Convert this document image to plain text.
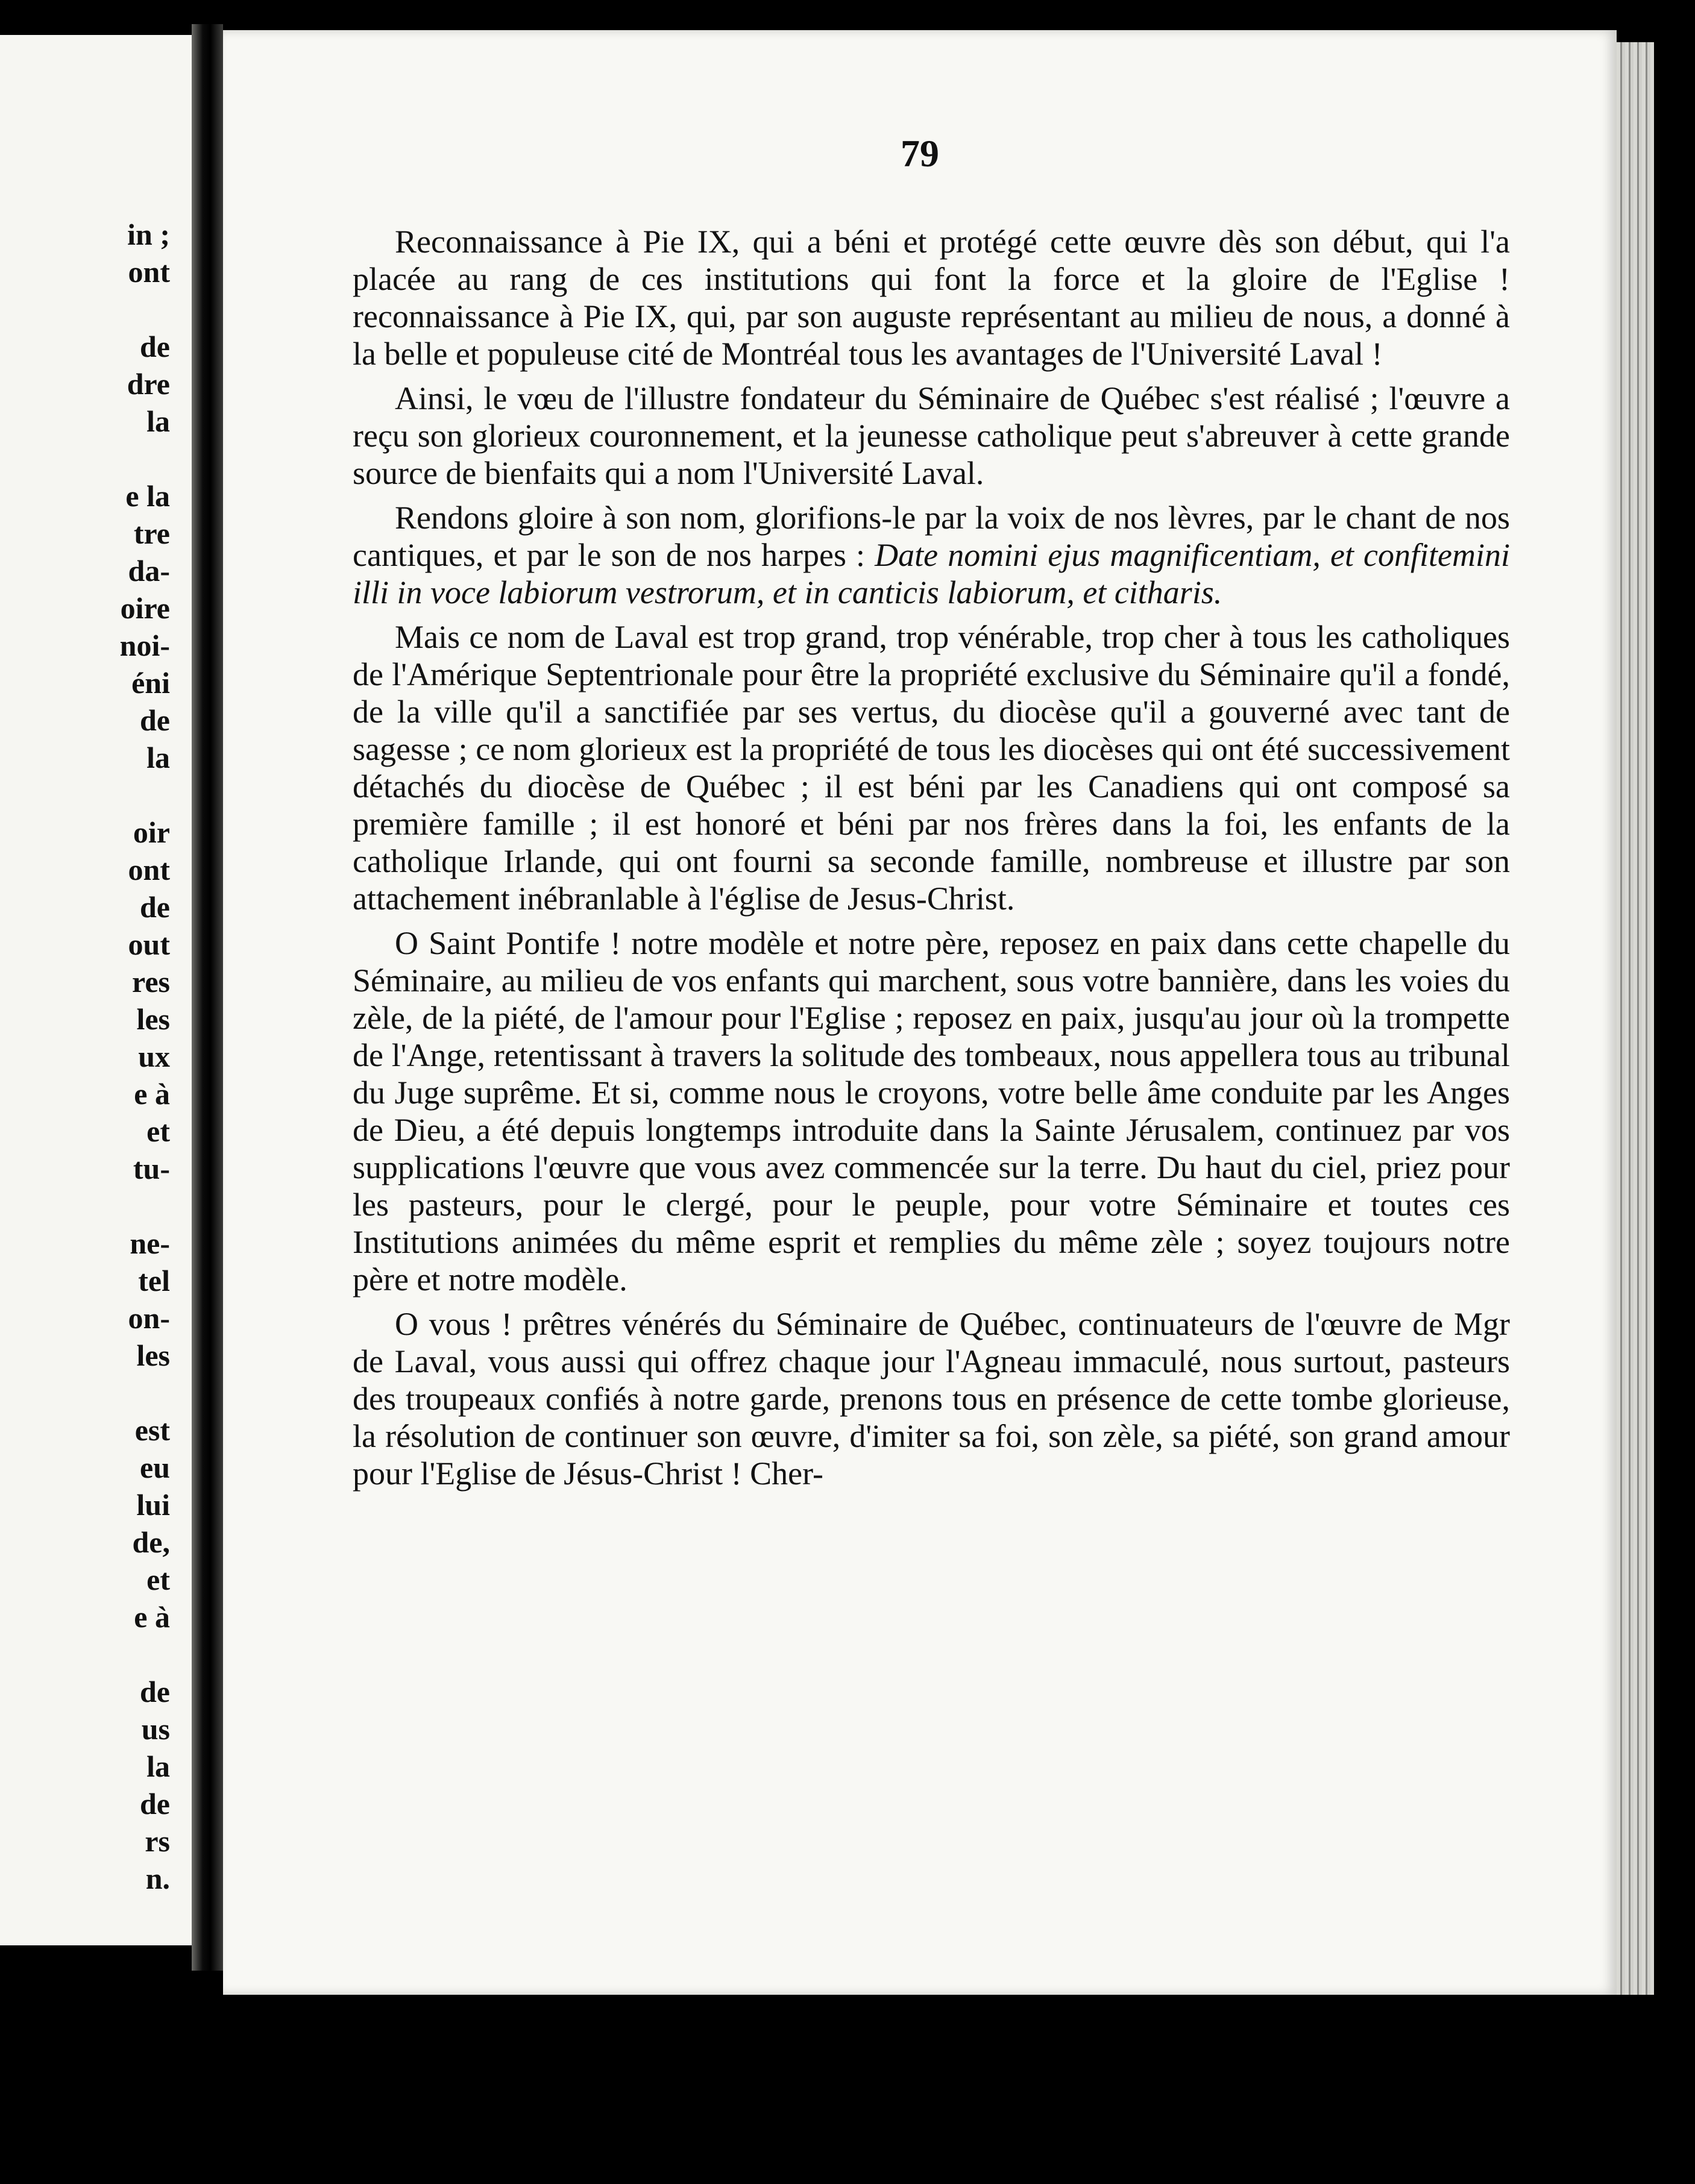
in ;
ont
de
dre
la
e la
tre
da-
oire
noi-
éni
de
la
oir
ont
de
out
res
les
ux
e à
et
tu-
ne-
tel
on-
les
est
eu
lui
de,
et
e à
de
us
la
de
rs
n.
79

Reconnaissance à Pie IX, qui a béni et protégé cette œuvre dès son début, qui l'a placée au rang de ces institutions qui font la force et la gloire de l'Eglise ! reconnaissance à Pie IX, qui, par son auguste représentant au milieu de nous, a donné à la belle et populeuse cité de Montréal tous les avantages de l'Université Laval !

Ainsi, le vœu de l'illustre fondateur du Séminaire de Québec s'est réalisé ; l'œuvre a reçu son glorieux couronnement, et la jeunesse catholique peut s'abreuver à cette grande source de bienfaits qui a nom l'Université Laval.

Rendons gloire à son nom, glorifions-le par la voix de nos lèvres, par le chant de nos cantiques, et par le son de nos harpes : Date nomini ejus magnificentiam, et confitemini illi in voce labiorum vestrorum, et in canticis labiorum, et citharis.

Mais ce nom de Laval est trop grand, trop vénérable, trop cher à tous les catholiques de l'Amérique Septentrionale pour être la propriété exclusive du Séminaire qu'il a fondé, de la ville qu'il a sanctifiée par ses vertus, du diocèse qu'il a gouverné avec tant de sagesse ; ce nom glorieux est la propriété de tous les diocèses qui ont été successivement détachés du diocèse de Québec ; il est béni par les Canadiens qui ont composé sa première famille ; il est honoré et béni par nos frères dans la foi, les enfants de la catholique Irlande, qui ont fourni sa seconde famille, nombreuse et illustre par son attachement inébranlable à l'église de Jesus-Christ.

O Saint Pontife ! notre modèle et notre père, reposez en paix dans cette chapelle du Séminaire, au milieu de vos enfants qui marchent, sous votre bannière, dans les voies du zèle, de la piété, de l'amour pour l'Eglise ; reposez en paix, jusqu'au jour où la trompette de l'Ange, retentissant à travers la solitude des tombeaux, nous appellera tous au tribunal du Juge suprême. Et si, comme nous le croyons, votre belle âme conduite par les Anges de Dieu, a été depuis longtemps introduite dans la Sainte Jérusalem, continuez par vos supplications l'œuvre que vous avez commencée sur la terre. Du haut du ciel, priez pour les pasteurs, pour le clergé, pour le peuple, pour votre Séminaire et toutes ces Institutions animées du même esprit et remplies du même zèle ; soyez toujours notre père et notre modèle.

O vous ! prêtres vénérés du Séminaire de Québec, continuateurs de l'œuvre de Mgr de Laval, vous aussi qui offrez chaque jour l'Agneau immaculé, nous surtout, pasteurs des troupeaux confiés à notre garde, prenons tous en présence de cette tombe glorieuse, la résolution de continuer son œuvre, d'imiter sa foi, son zèle, sa piété, son grand amour pour l'Eglise de Jésus-Christ ! Cher-
